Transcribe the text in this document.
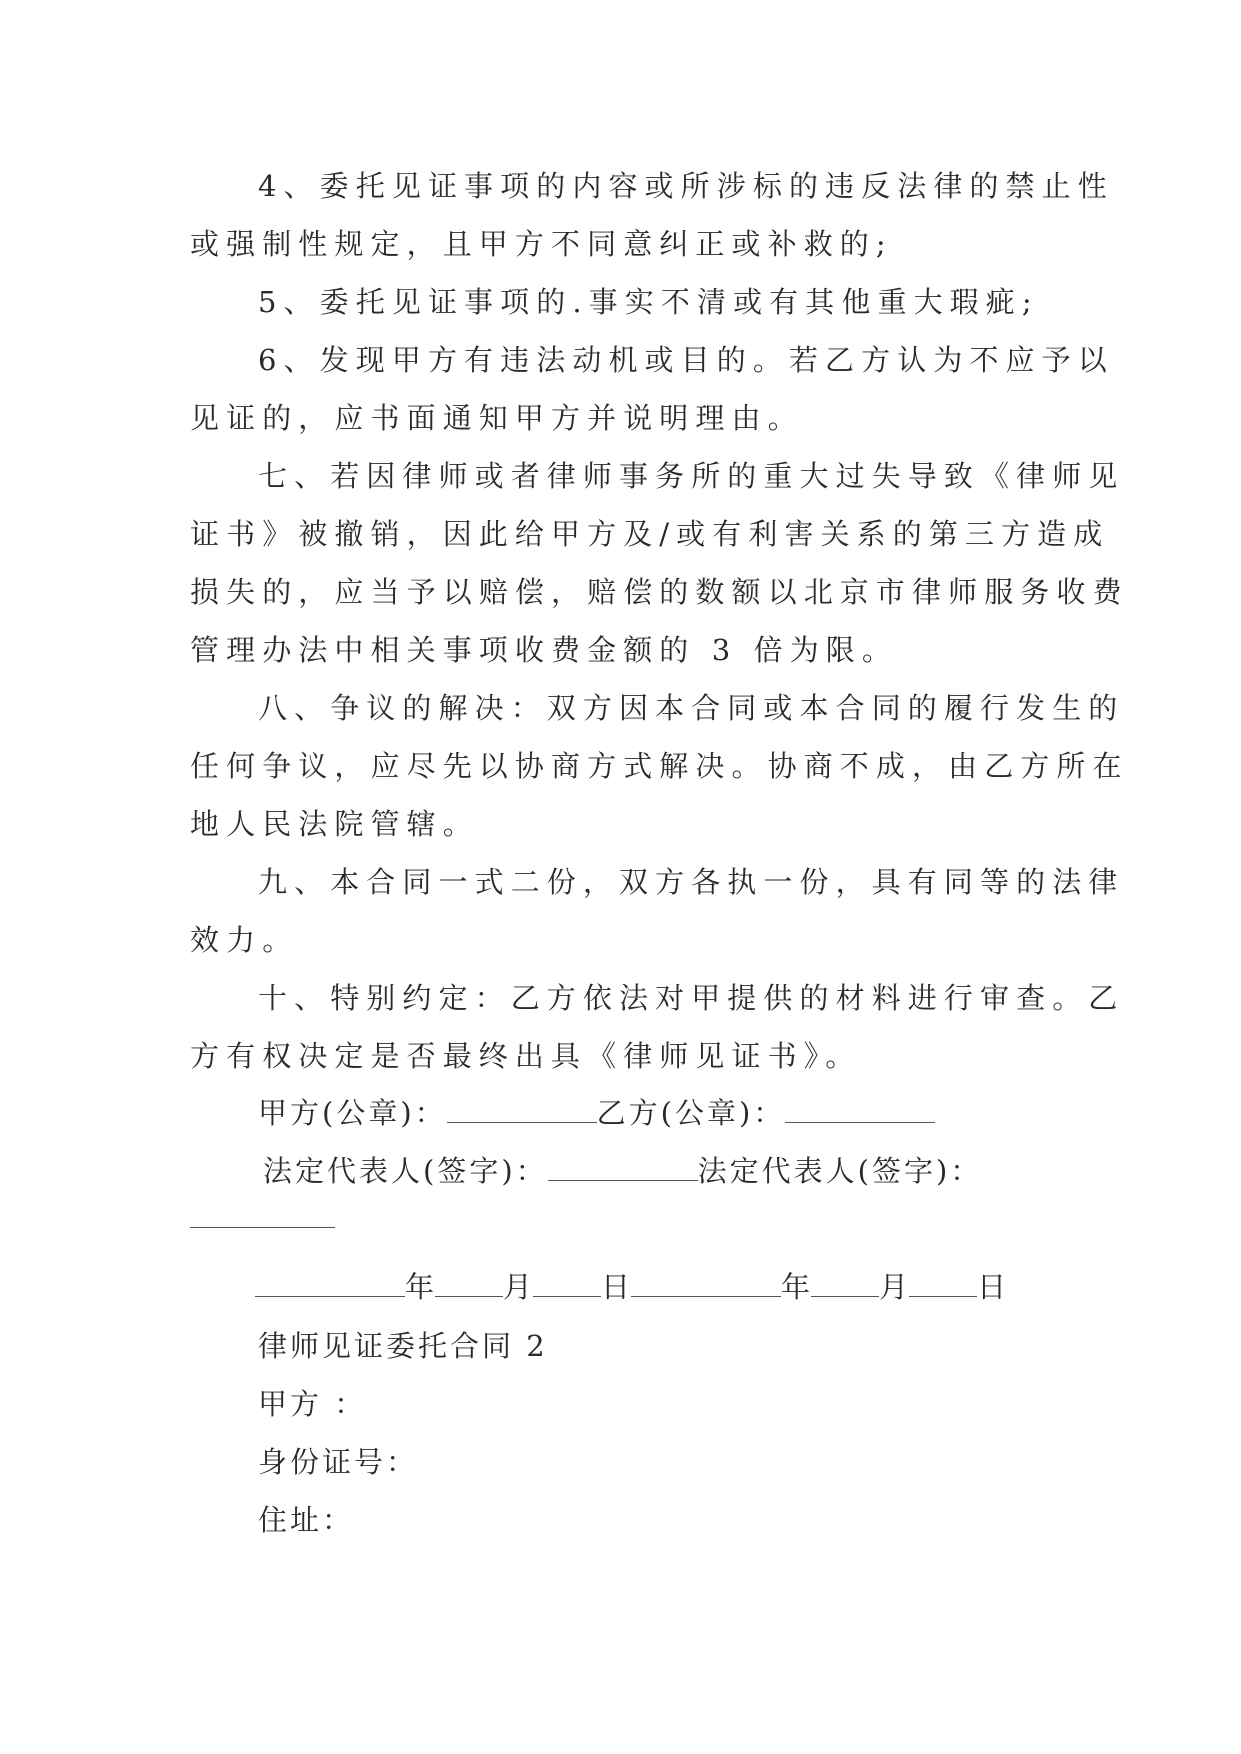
4、委托见证事项的内容或所涉标的违反法律的禁止性
或强制性规定，且甲方不同意纠正或补救的;
5、委托见证事项的.事实不清或有其他重大瑕疵;
6、发现甲方有违法动机或目的。若乙方认为不应予以
见证的，应书面通知甲方并说明理由。
七、若因律师或者律师事务所的重大过失导致《律师见
证书》被撤销，因此给甲方及/或有利害关系的第三方造成
损失的，应当予以赔偿，赔偿的数额以北京市律师服务收费
管理办法中相关事项收费金额的 3 倍为限。
八、争议的解决：双方因本合同或本合同的履行发生的
任何争议，应尽先以协商方式解决。协商不成，由乙方所在
地人民法院管辖。
九、本合同一式二份，双方各执一份，具有同等的法律
效力。
十、特别约定：乙方依法对甲提供的材料进行审查。乙
方有权决定是否最终出具《律师见证书》。
甲方(公章)：	乙方(公章)：
法定代表人(签字)：	法定代表人(签字)：
年 月 日	年 月 日
律师见证委托合同 2
甲方 ：
身份证号：
住址：
